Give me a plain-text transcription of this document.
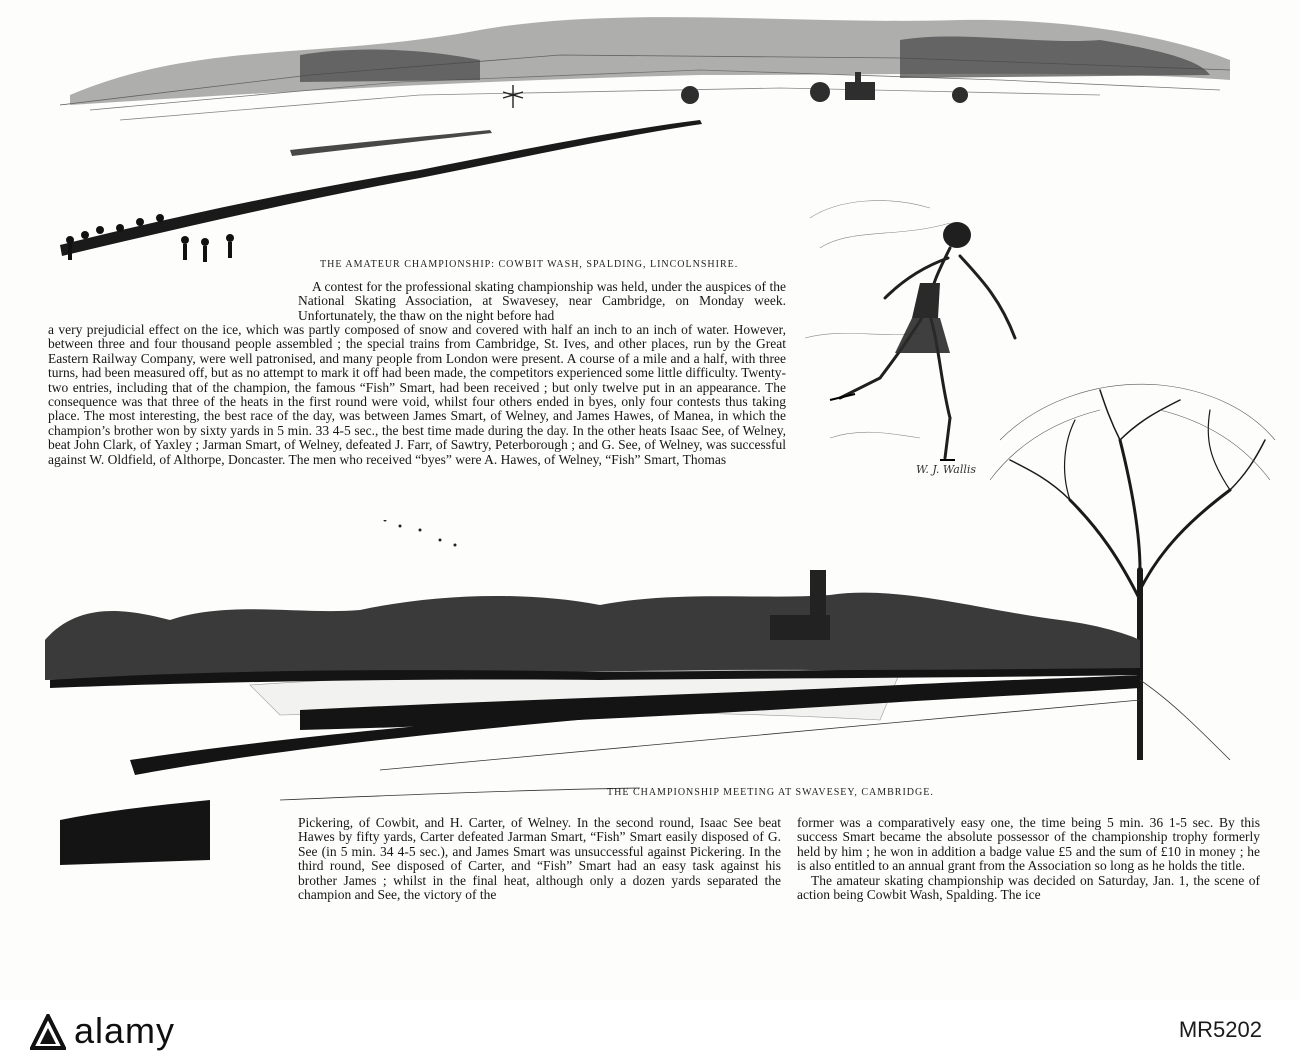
THE AMATEUR CHAMPIONSHIP: COWBIT WASH, SPALDING, LINCOLNSHIRE.
W. J. Wallis
THE CHAMPIONSHIP MEETING AT SWAVESEY, CAMBRIDGE.

A contest for the professional skating championship was held, under the auspices of the National Skating Association, at Swavesey, near Cambridge, on Monday week. Unfortunately, the thaw on the night before had

a very prejudicial effect on the ice, which was partly composed of snow and covered with half an inch to an inch of water. However, between three and four thousand people assembled ; the special trains from Cambridge, St. Ives, and other places, run by the Great Eastern Railway Company, were well patronised, and many people from London were present. A course of a mile and a half, with three turns, had been measured off, but as no attempt to mark it off had been made, the competitors experienced some little difficulty. Twenty-two entries, including that of the champion, the famous “Fish” Smart, had been received ; but only twelve put in an appearance. The consequence was that three of the heats in the first round were void, whilst four others ended in byes, only four contests thus taking place. The most interesting, the best race of the day, was between James Smart, of Welney, and James Hawes, of Manea, in which the champion’s brother won by sixty yards in 5 min. 33 4-5 sec., the best time made during the day. In the other heats Isaac See, of Welney, beat John Clark, of Yaxley ; Jarman Smart, of Welney, defeated J. Farr, of Sawtry, Peterborough ; and G. See, of Welney, was successful against W. Oldfield, of Althorpe, Doncaster. The men who received “byes” were A. Hawes, of Welney, “Fish” Smart, Thomas

Pickering, of Cowbit, and H. Carter, of Welney. In the second round, Isaac See beat Hawes by fifty yards, Carter defeated Jarman Smart, “Fish” Smart easily disposed of G. See (in 5 min. 34 4-5 sec.), and James Smart was unsuccessful against Pickering. In the third round, See disposed of Carter, and “Fish” Smart had an easy task against his brother James ; whilst in the final heat, although only a dozen yards separated the champion and See, the victory of the

former was a comparatively easy one, the time being 5 min. 36 1-5 sec. By this success Smart became the absolute possessor of the championship trophy formerly held by him ; he won in addition a badge value £5 and the sum of £10 in money ; he is also entitled to an annual grant from the Association so long as he holds the title.

The amateur skating championship was decided on Saturday, Jan. 1, the scene of action being Cowbit Wash, Spalding. The ice

alamy	MR5202
